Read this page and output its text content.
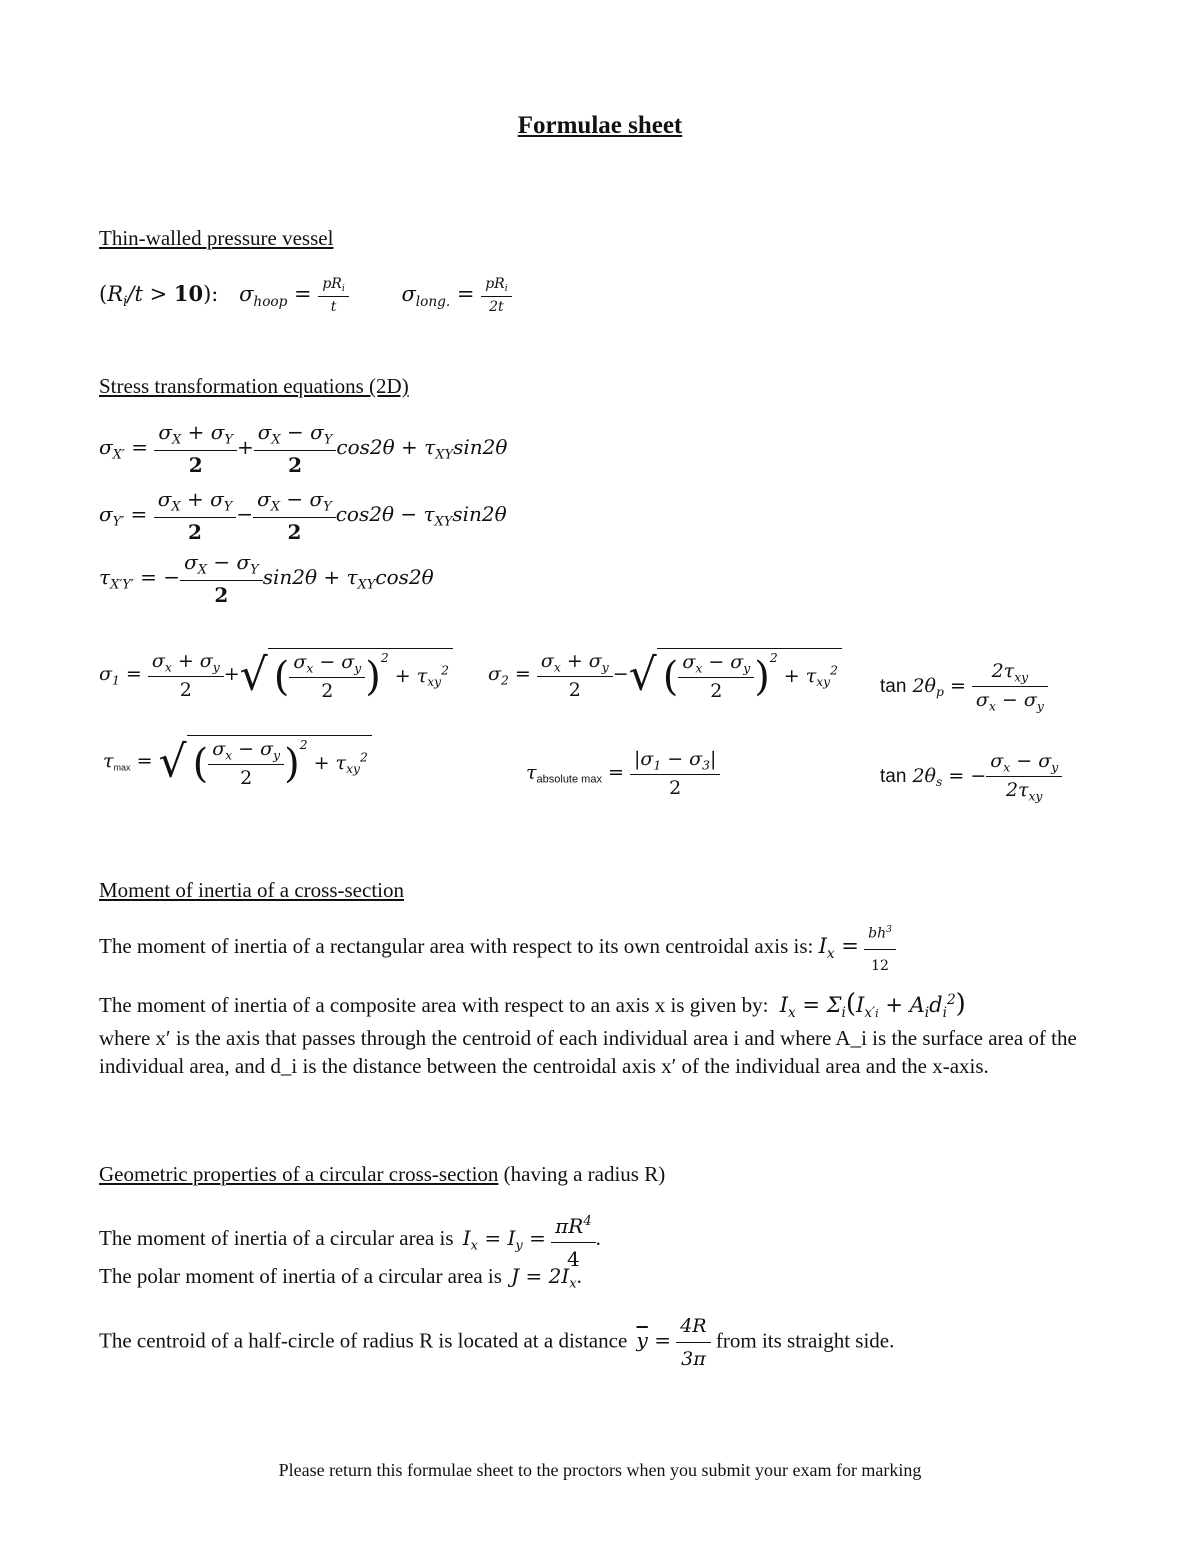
Formulae sheet
Thin-walled pressure vessel
$(R_i/t > 10)$: $\sigma_{hoop} = \frac{pR_i}{t}$	$\sigma_{long.} = \frac{pR_i}{2t}$
Stress transformation equations (2D)
$\sigma_{X'} = \frac{\sigma_X + \sigma_Y}{2} + \frac{\sigma_X - \sigma_Y}{2} \cos 2\theta + \tau_{XY}\sin 2\theta$
$\sigma_{Y'} = \frac{\sigma_X + \sigma_Y}{2} - \frac{\sigma_X - \sigma_Y}{2} \cos 2\theta - \tau_{XY}\sin 2\theta$
$\tau_{X'Y'}$ = − $\frac{\sigma_X - \sigma_Y}{2} \sin 2\theta + \tau_{XY}\cos 2\theta$
$\sigma_1 = \frac{\sigma_x + \sigma_y}{2}$ +√ ( $\frac{\sigma_x - \sigma_y}{2} )^2 + \tau_{xy}^2$ $\sigma_2 = \frac{\sigma_x + \sigma_y}{2}$ −√ ( $\frac{\sigma_x - \sigma_y}{2} )^2 + \tau_{xy}^2$
$\tan 2\theta_p = \frac{2\tau_{xy}}{\sigma_x - \sigma_y}$
$\tau_{max}$ = √ ( $\frac{\sigma_x - \sigma_y}{2} )^2 + \tau_{xy}^2$
$\tau_{absolute max} = \frac{|\sigma_1 - \sigma_3|}{2}$	$\tan 2\theta_s$ = − $\frac{\sigma_x - \sigma_y}{2\tau_{xy}}$
Moment of inertia of a cross-section
The moment of inertia of a rectangular area with respect to its own centroidal axis is: $I_x = \frac{bh^3}{12}$
The moment of inertia of a composite area with respect to an axis x is given by: $I_x = \Sigma_i(I_{x'i} + A_id_i^2)$
where x′ is the axis that passes through the centroid of each individual area i and where A_i is the surface area of the individual area, and d_i is the distance between the centroidal axis x′ of the individual area and the x-axis.
Geometric properties of a circular cross-section (having a radius R)
The moment of inertia of a circular area is $I_x = I_y = \frac{\pi R^4}{4}$ .
The polar moment of inertia of a circular area is $J = 2I_x$.
The centroid of a half-circle of radius R is located at a distance $\overline{y} = \frac{4R}{3\pi}$ from its straight side.
Please return this formulae sheet to the proctors when you submit your exam for marking
